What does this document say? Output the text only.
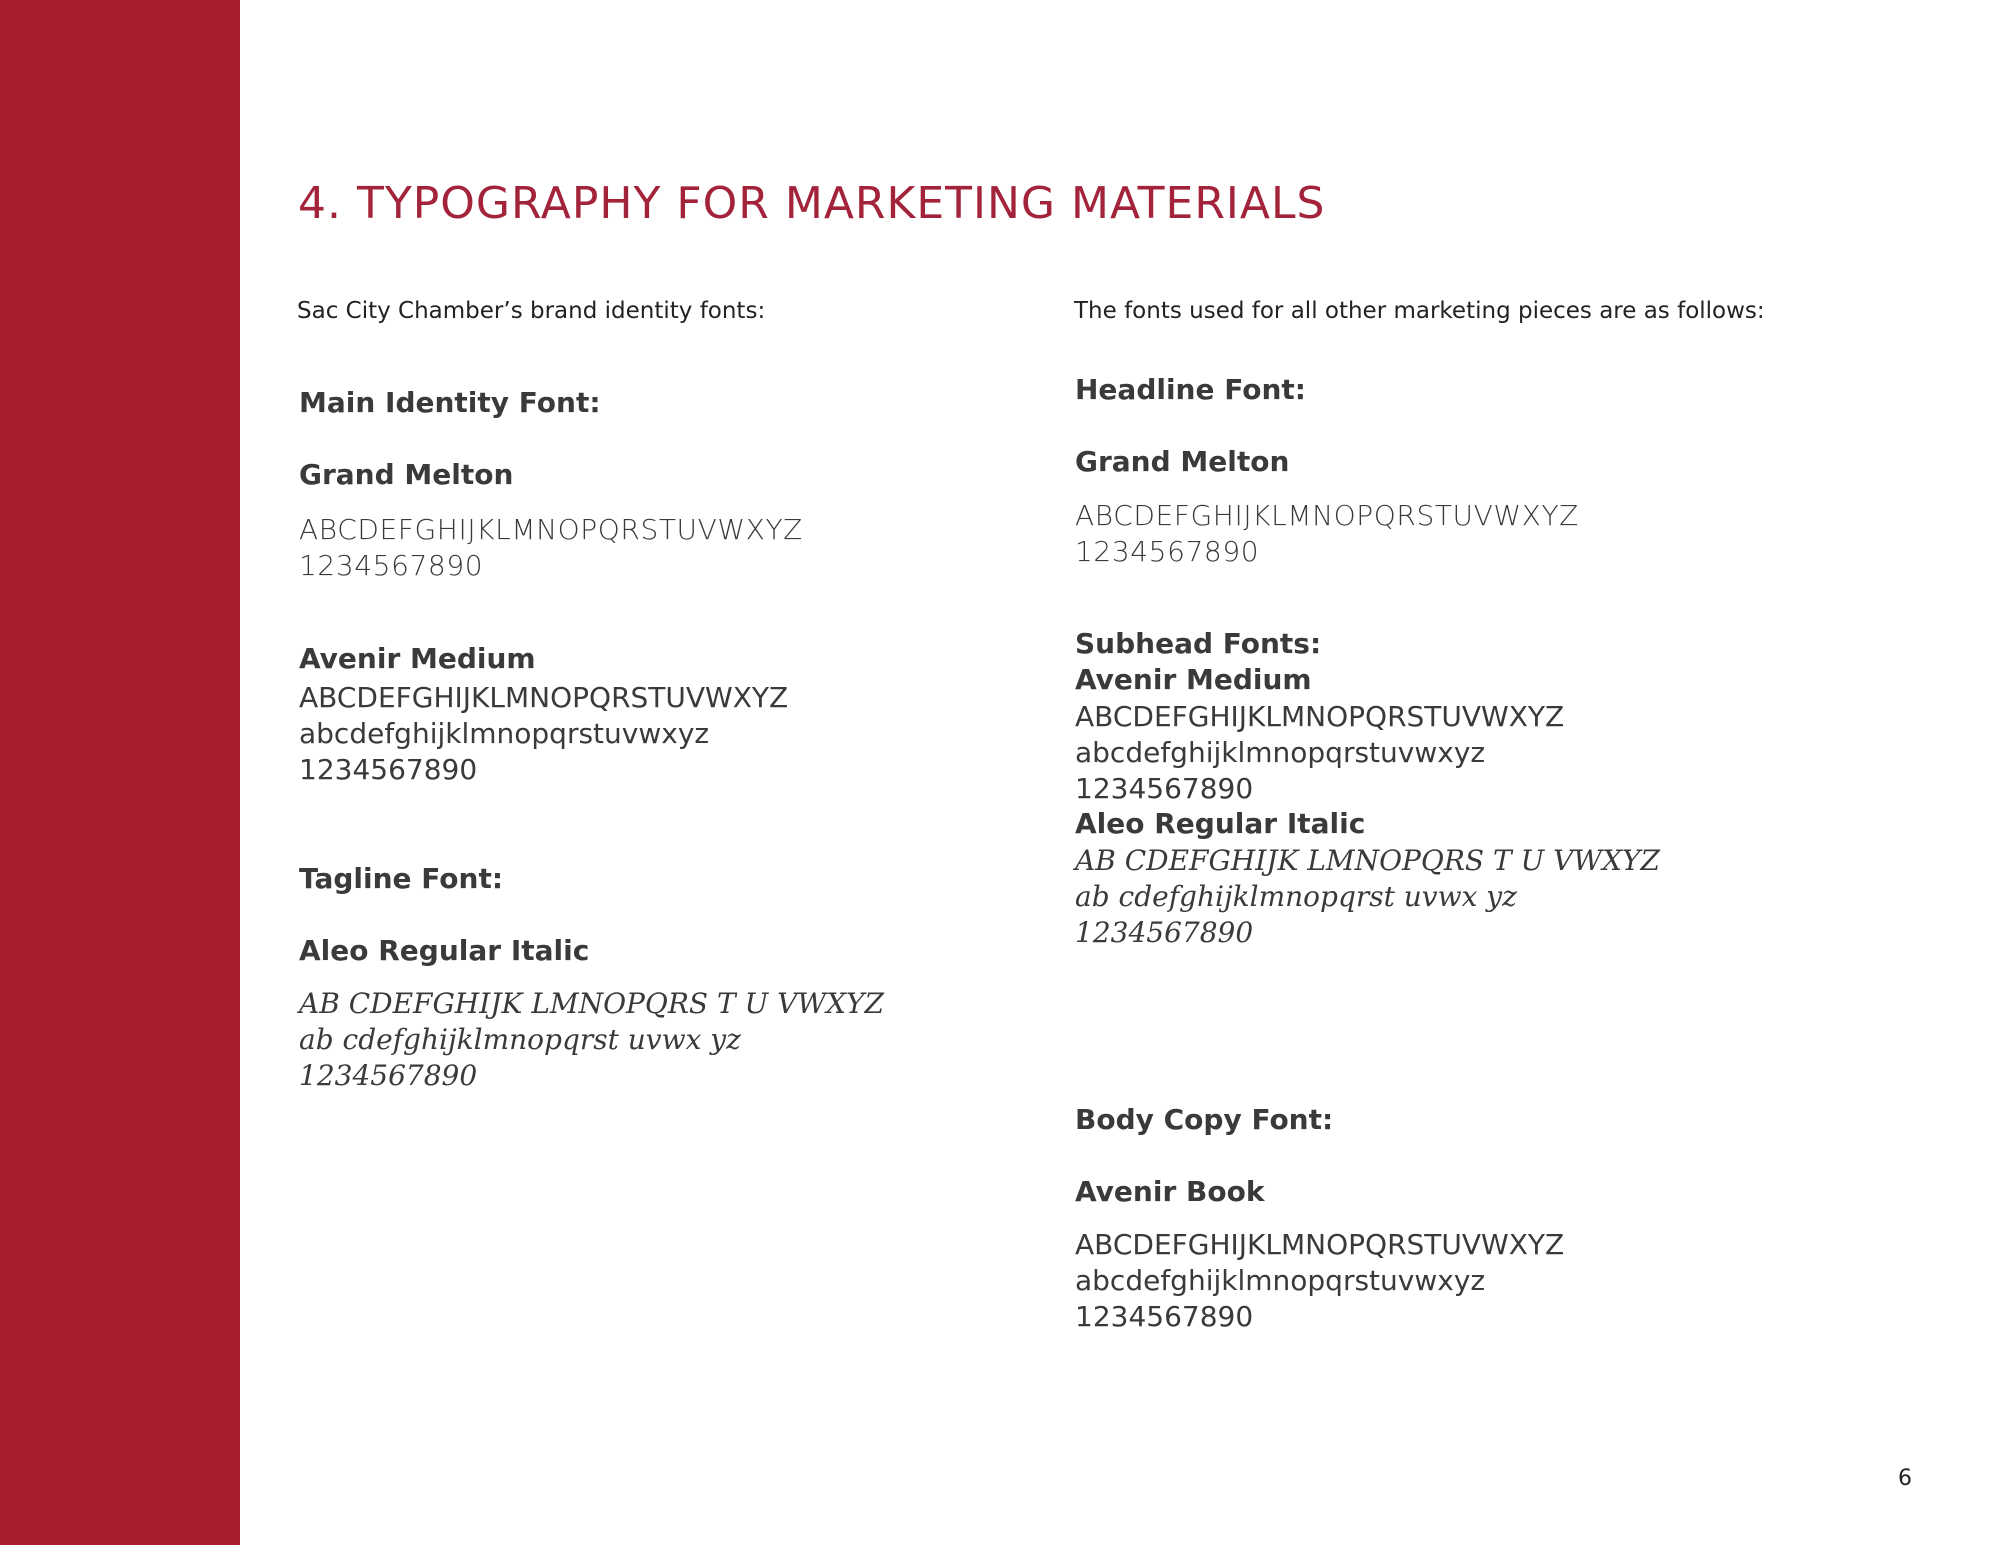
4. TYPOGRAPHY FOR MARKETING MATERIALS
Sac City Chamber’s brand identity fonts:
Main Identity Font:
Grand Melton
ABCDEFGHIJKLMNOPQRSTUVWXYZ
1234567890
Avenir Medium
ABCDEFGHIJKLMNOPQRSTUVWXYZ
abcdefghijklmnopqrstuvwxyz
1234567890
Tagline Font:
Aleo Regular Italic
AB CDEFGHIJK LMNOPQRS T U VWXYZ
ab cdefghijklmnopqrst uvwx yz
1234567890
The fonts used for all other marketing pieces are as follows:
Headline Font:
Grand Melton
ABCDEFGHIJKLMNOPQRSTUVWXYZ
1234567890
Subhead Fonts:
Avenir Medium
ABCDEFGHIJKLMNOPQRSTUVWXYZ
abcdefghijklmnopqrstuvwxyz
1234567890
Aleo Regular Italic
AB CDEFGHIJK LMNOPQRS T U VWXYZ
ab cdefghijklmnopqrst uvwx yz
1234567890
Body Copy Font:
Avenir Book
ABCDEFGHIJKLMNOPQRSTUVWXYZ
abcdefghijklmnopqrstuvwxyz
1234567890
6
